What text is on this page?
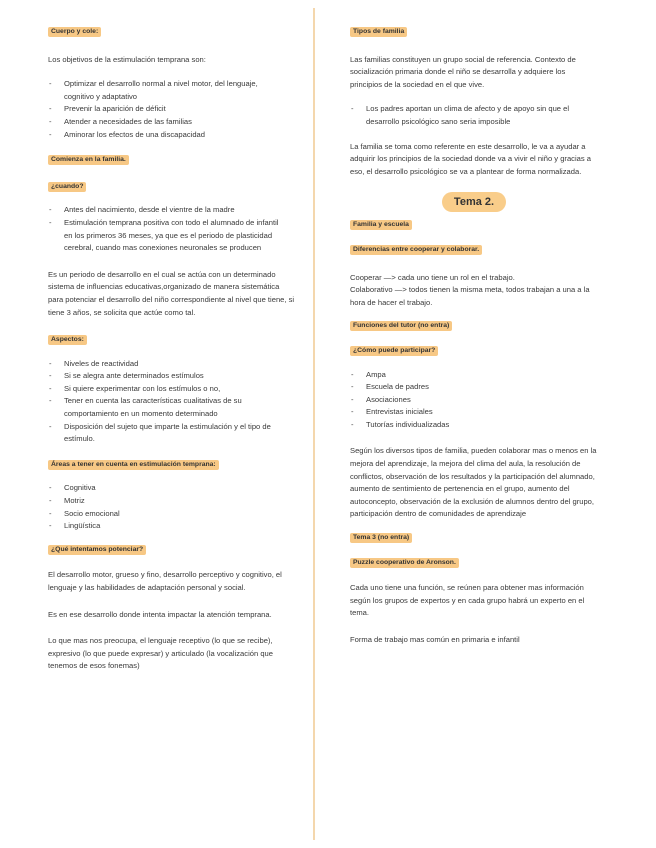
Cuerpo y cole:

Los objetivos de la estimulación temprana son:

- Optimizar el desarrollo normal a nivel motor, del lenguaje, cognitivo y adaptativo
- Prevenir la aparición de déficit
- Atender a necesidades de las familias
- Aminorar los efectos de una discapacidad
Comienza en la familia.
¿cuando?
- Antes del nacimiento, desde el vientre de la madre
- Estimulación temprana positiva con todo el alumnado de infantil en los primeros 36 meses, ya que es el periodo de plasticidad cerebral, cuando mas conexiones neuronales se producen

Es un periodo de desarrollo en el cual se actúa con un determinado sistema de influencias educativas,organizado de manera sistemática para potenciar el desarrollo del niño correspondiente al nivel que tiene, si tiene 3 años, se solicita que actúe como tal.

Aspectos:
- Niveles de reactividad
- Si se alegra ante determinados estímulos
- Si quiere experimentar con los estímulos o no,
- Tener en cuenta las características cualitativas de su comportamiento en un momento determinado
- Disposición del sujeto que imparte la estimulación y el tipo de estímulo.
Áreas a tener en cuenta en estimulación temprana:
- Cognitiva
- Motriz
- Socio emocional
- Lingüística
¿Qué intentamos potenciar?

El desarrollo motor, grueso y fino, desarrollo perceptivo y cognitivo, el lenguaje y las habilidades de adaptación personal y social.

Es en ese desarrollo donde intenta impactar la atención temprana.

Lo que mas nos preocupa, el lenguaje receptivo (lo que se recibe), expresivo (lo que puede expresar) y articulado (la vocalización que tenemos de esos fonemas)

Tipos de familia

Las familias constituyen un grupo social de referencia. Contexto de socialización primaria donde el niño se desarrolla y adquiere los principios de la sociedad en el que vive.

- Los padres aportan un clima de afecto y de apoyo sin que el desarrollo psicológico sano seria imposible

La familia se toma como referente en este desarrollo, le va a ayudar a adquirir los principios de la sociedad donde va a vivir el niño y gracias a eso, el desarrollo psicológico se va a plantear de forma normalizada.

Tema 2.
Familia y escuela
Diferencias entre cooperar y colaborar.

Cooperar —> cada uno tiene un rol en el trabajo.

Colaborativo —> todos tienen la misma meta, todos trabajan a una a la hora de hacer el trabajo.

Funciones del tutor (no entra)
¿Cómo puede participar?
- Ampa
- Escuela de padres
- Asociaciones
- Entrevistas iniciales
- Tutorías individualizadas

Según los diversos tipos de familia, pueden colaborar mas o menos en la mejora del aprendizaje, la mejora del clima del aula, la resolución de conflictos, observación de los resultados y la participación del alumnado, aumento de sentimiento de pertenencia en el grupo, aumento del autoconcepto, observación de la exclusión de alumnos dentro del grupo, participación dentro de comunidades de aprendizaje

Tema 3 (no entra)
Puzzle cooperativo de Aronson.

Cada uno tiene una función, se reúnen para obtener mas información según los grupos de expertos y en cada grupo habrá un experto en el tema.

Forma de trabajo mas común en primaria e infantil
